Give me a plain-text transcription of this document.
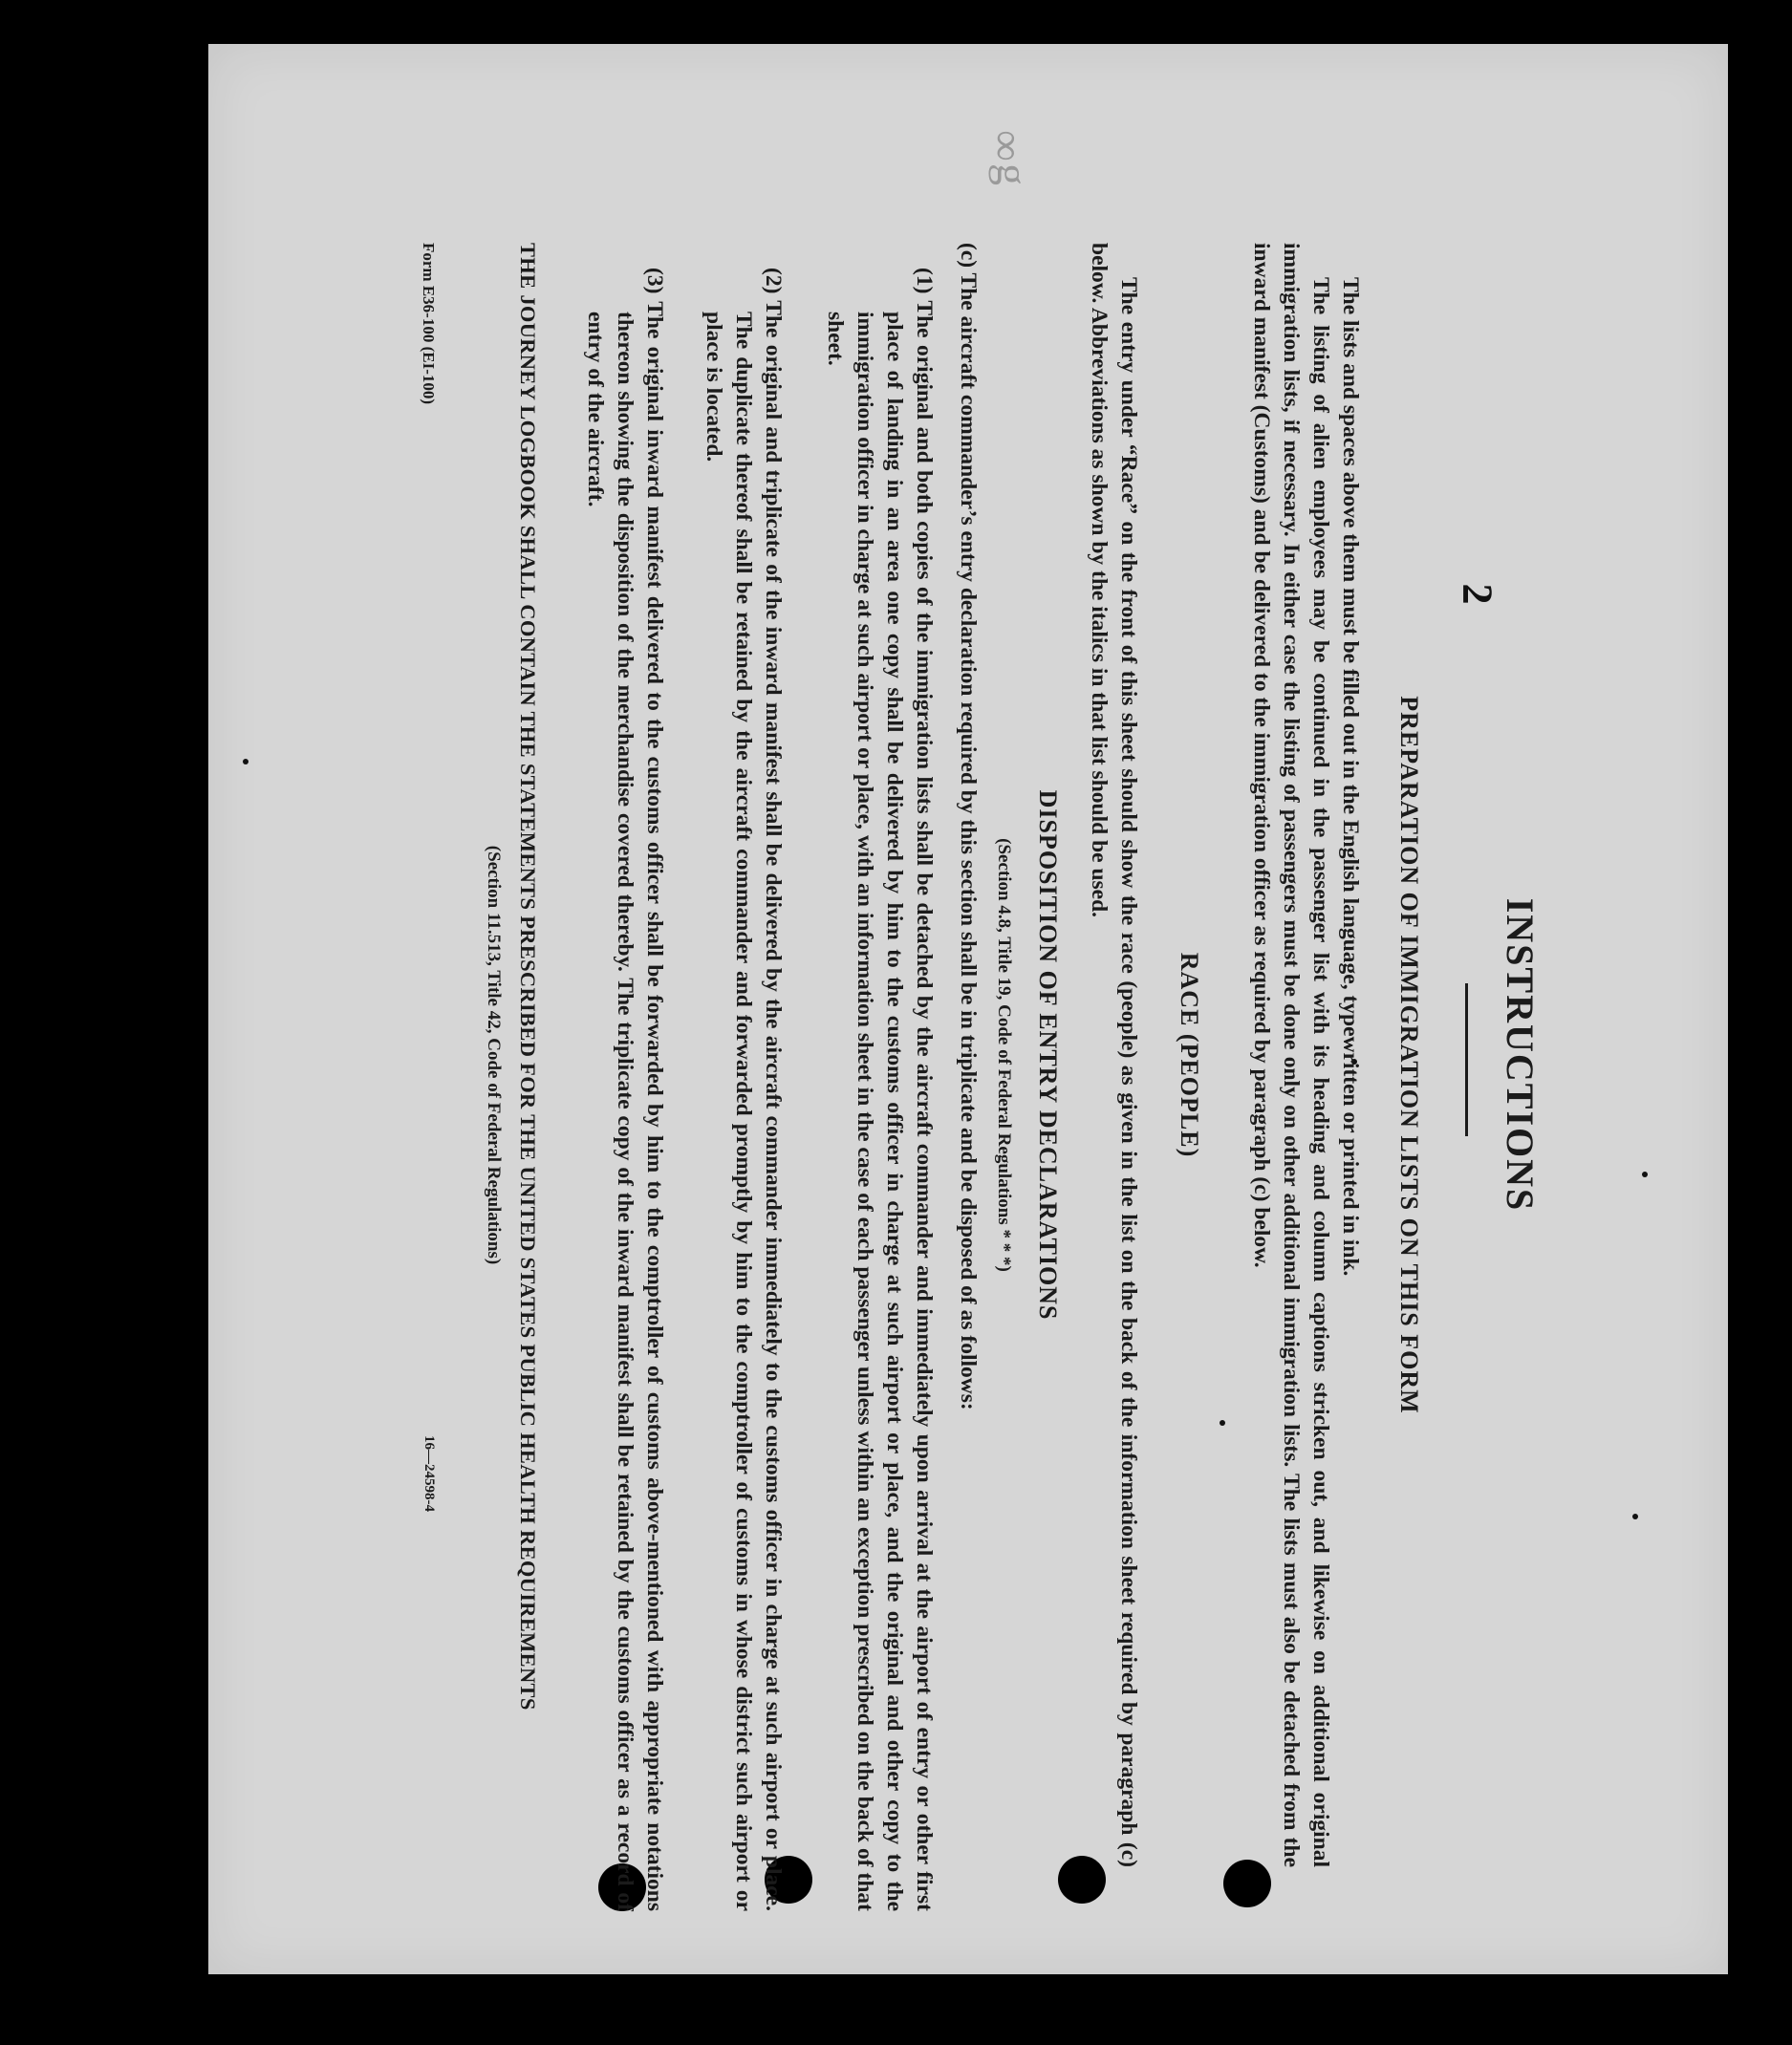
∞
g
2
INSTRUCTIONS
PREPARATION OF IMMIGRATION LISTS ON THIS FORM

The lists and spaces above them must be filled out in the English language, typewritten or printed in ink.

The listing of alien employees may be continued in the passenger list with its heading and column captions stricken out, and likewise on additional original immigration lists, if necessary. In either case the listing of passengers must be done only on other additional immigration lists. The lists must also be detached from the inward manifest (Customs) and be delivered to the immigration officer as required by paragraph (c) below.

RACE (PEOPLE)

The entry under “Race” on the front of this sheet should show the race (people) as given in the list on the back of the information sheet required by paragraph (c) below. Abbreviations as shown by the italics in that list should be used.

DISPOSITION OF ENTRY DECLARATIONS
(Section 4.8, Title 19, Code of Federal Regulations * * *)

(c) The aircraft commander’s entry declaration required by this section shall be in triplicate and be disposed of as follows:

(1) The original and both copies of the immigration lists shall be detached by the aircraft commander and immediately upon arrival at the airport of entry or other first place of landing in an area one copy shall be delivered by him to the customs officer in charge at such airport or place, and the original and other copy to the immigration officer in charge at such airport or place, with an information sheet in the case of each passenger unless within an exception prescribed on the back of that sheet.

(2) The original and triplicate of the inward manifest shall be delivered by the aircraft commander immediately to the customs officer in charge at such airport or place. The duplicate thereof shall be retained by the aircraft commander and forwarded promptly by him to the comptroller of customs in whose district such airport or place is located.

(3) The original inward manifest delivered to the customs officer shall be forwarded by him to the comptroller of customs above-mentioned with appropriate notations thereon showing the disposition of the merchandise covered thereby. The triplicate copy of the inward manifest shall be retained by the customs officer as a record of entry of the aircraft.

THE JOURNEY LOGBOOK SHALL CONTAIN THE STATEMENTS PRESCRIBED FOR THE UNITED STATES PUBLIC HEALTH REQUIREMENTS

(Section 11.513, Title 42, Code of Federal Regulations)
Form E36-100 (EI-100)
16—24598-4
